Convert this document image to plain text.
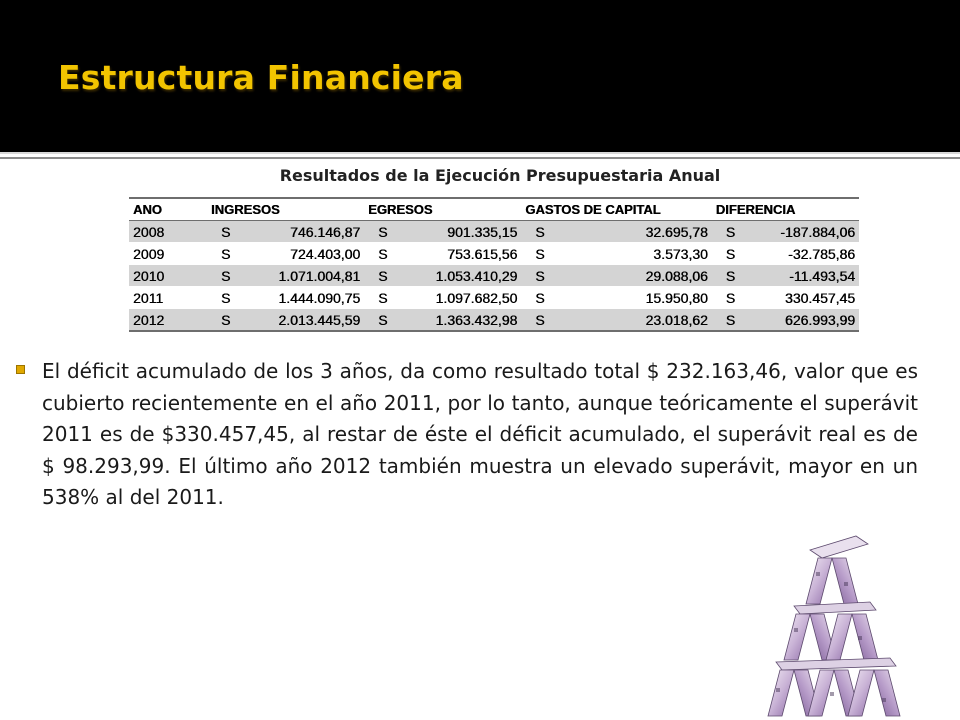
Estructura Financiera
Resultados de la Ejecución Presupuestaria Anual
ANO	INGRESOS		EGRESOS		GASTOS DE CAPITAL		DIFERENCIA	
2008	S	746.146,87	S	901.335,15	S	32.695,78	S	-187.884,06
2009	S	724.403,00	S	753.615,56	S	3.573,30	S	-32.785,86
2010	S	1.071.004,81	S	1.053.410,29	S	29.088,06	S	-11.493,54
2011	S	1.444.090,75	S	1.097.682,50	S	15.950,80	S	330.457,45
2012	S	2.013.445,59	S	1.363.432,98	S	23.018,62	S	626.993,99

El déficit acumulado de los 3 años, da como resultado total $ 232.163,46, valor que es cubierto recientemente en el año 2011, por lo tanto, aunque teóricamente el superávit 2011 es de $330.457,45, al restar de éste el déficit acumulado, el superávit real es de $ 98.293,99. El último año 2012 también muestra un elevado superávit, mayor en un 538% al del 2011.
